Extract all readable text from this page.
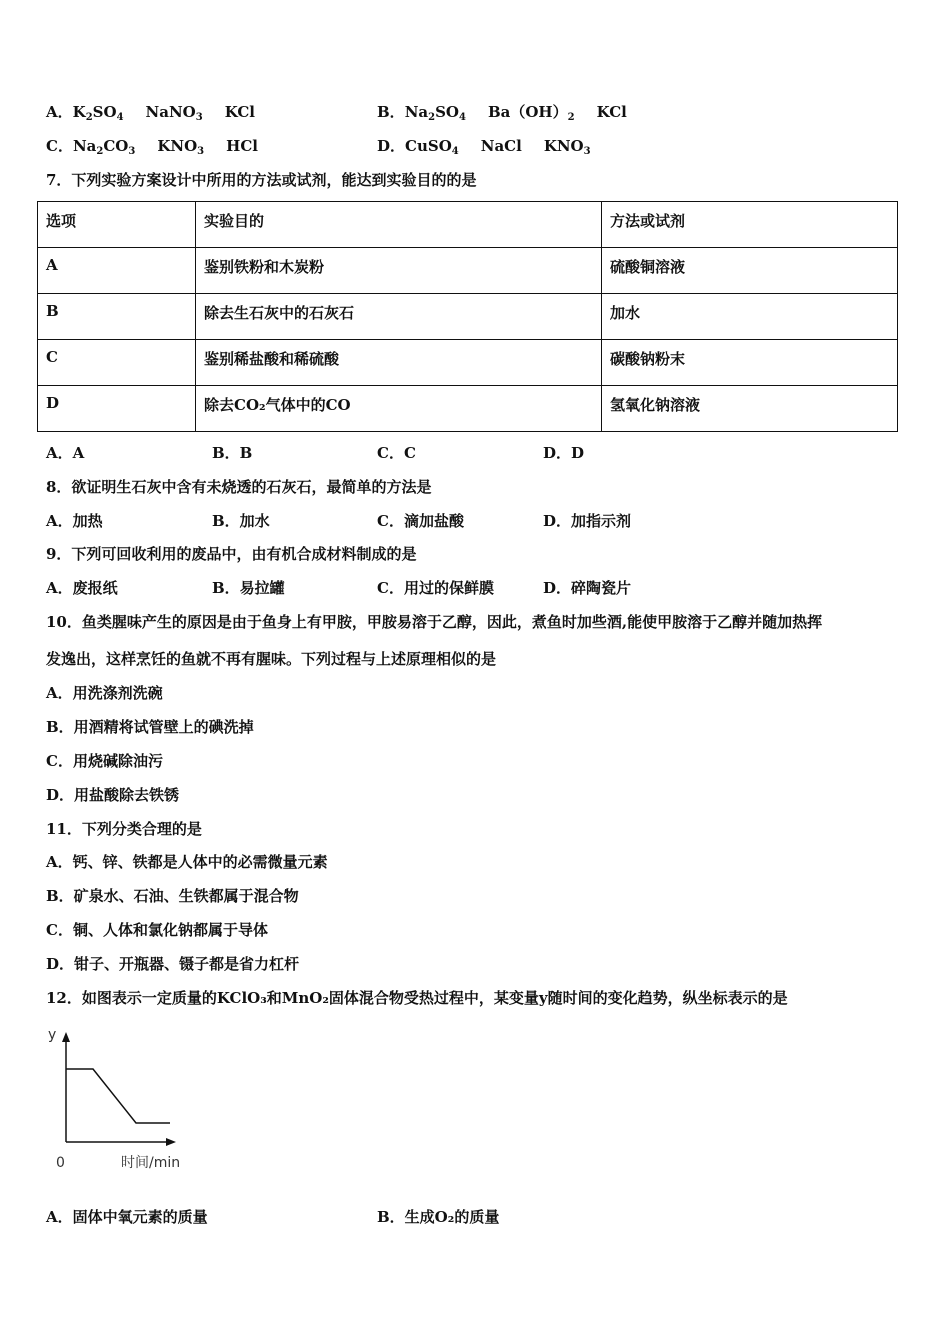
A．$K_2SO_4$ NaNO$_3$ KCl	B．$Na_2SO_4$ $Ba(OH)_2$ KCl
C．$Na_2CO_3$ $KNO_3$ HCl	D．CuSO$_4$ NaCl $KNO_3$
7．下列实验方案设计中所用的方法或试剂，能达到实验目的的是
选项	实验目的	方法或试剂
A	鉴别铁粉和木炭粉	硫酸铜溶液
B	除去生石灰中的石灰石	加水
C	鉴别稀盐酸和稀硫酸	碳酸钠粉末
D	除去CO₂气体中的CO	氢氧化钠溶液
A．A	B．B	C．C	D．D
8．欲证明生石灰中含有未烧透的石灰石，最简单的方法是
A．加热	B．加水	C．滴加盐酸	D．加指示剂
9．下列可回收利用的废品中，由有机合成材料制成的是
A．废报纸	B．易拉罐	C．用过的保鲜膜	D．碎陶瓷片
10．鱼类腥味产生的原因是由于鱼身上有甲胺，甲胺易溶于乙醇，因此，煮鱼时加些酒,能使甲胺溶于乙醇并随加热挥
发逸出，这样烹饪的鱼就不再有腥味。下列过程与上述原理相似的是
A．用洗涤剂洗碗
B．用酒精将试管壁上的碘洗掉
C．用烧碱除油污
D．用盐酸除去铁锈
11．下列分类合理的是
A．钙、锌、铁都是人体中的必需微量元素
B．矿泉水、石油、生铁都属于混合物
C．铜、人体和氯化钠都属于导体
D．钳子、开瓶器、镊子都是省力杠杆
12．如图表示一定质量的KClO₃和MnO₂固体混合物受热过程中，某变量y随时间的变化趋势，纵坐标表示的是
y
0	时间/min
A．固体中氧元素的质量	B．生成O₂的质量
